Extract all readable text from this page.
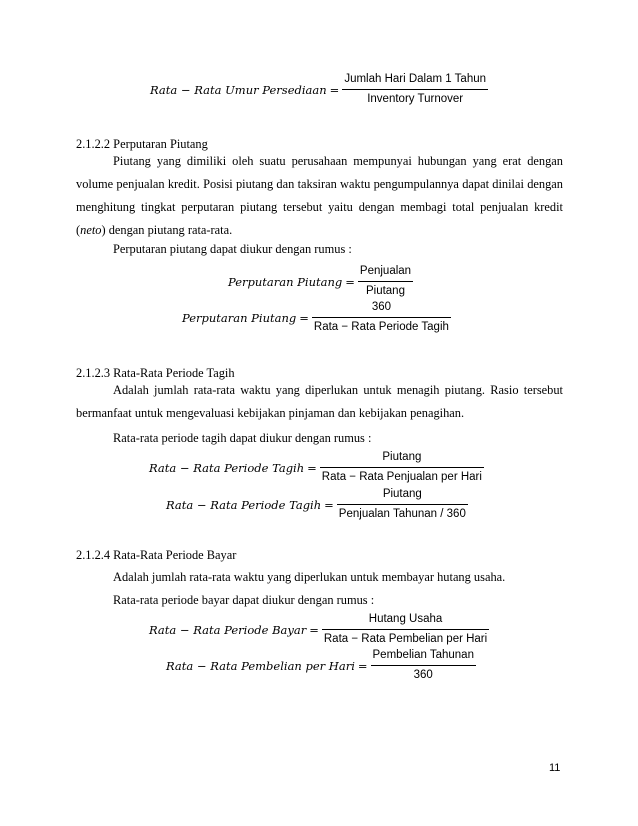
Rata − Rata Umur Persediaan = $\frac{\text{Jumlah Hari Dalam 1 Tahun}}{\text{Inventory Turnover}}$
2.1.2.2 Perputaran Piutang

Piutang yang dimiliki oleh suatu perusahaan mempunyai hubungan yang erat dengan volume penjualan kredit. Posisi piutang dan taksiran waktu pengumpulannya dapat dinilai dengan menghitung tingkat perputaran piutang tersebut yaitu dengan membagi total penjualan kredit (neto) dengan piutang rata-rata.

Perputaran piutang dapat diukur dengan rumus :
Perputaran $Piutang = \frac{\text{Penjualan}}{\text{Piutang}}$
Perputaran $Piutang = \frac{360}{\text{Rata − Rata Periode Tagih}}$
2.1.2.3 Rata-Rata Periode Tagih

Adalah jumlah rata-rata waktu yang diperlukan untuk menagih piutang. Rasio tersebut bermanfaat untuk mengevaluasi kebijakan pinjaman dan kebijakan penagihan.

Rata-rata periode tagih dapat diukur dengan rumus :
Rata − Rata Periode Tagih = $\frac{\text{Piutang}}{\text{Rata − Rata Penjualan per Hari}}$
Rata − Rata Periode Tagih = $\frac{\text{Piutang}}{\text{Penjualan Tahunan / 360}}$
2.1.2.4 Rata-Rata Periode Bayar
Adalah jumlah rata-rata waktu yang diperlukan untuk membayar hutang usaha.
Rata-rata periode bayar dapat diukur dengan rumus :
Rata − Rata Periode Bayar = $\frac{\text{Hutang Usaha}}{\text{Rata − Rata Pembelian per Hari}}$
Rata − Rata Pembelian per Hari = $\frac{\text{Pembelian Tahunan}}{360}$
11
